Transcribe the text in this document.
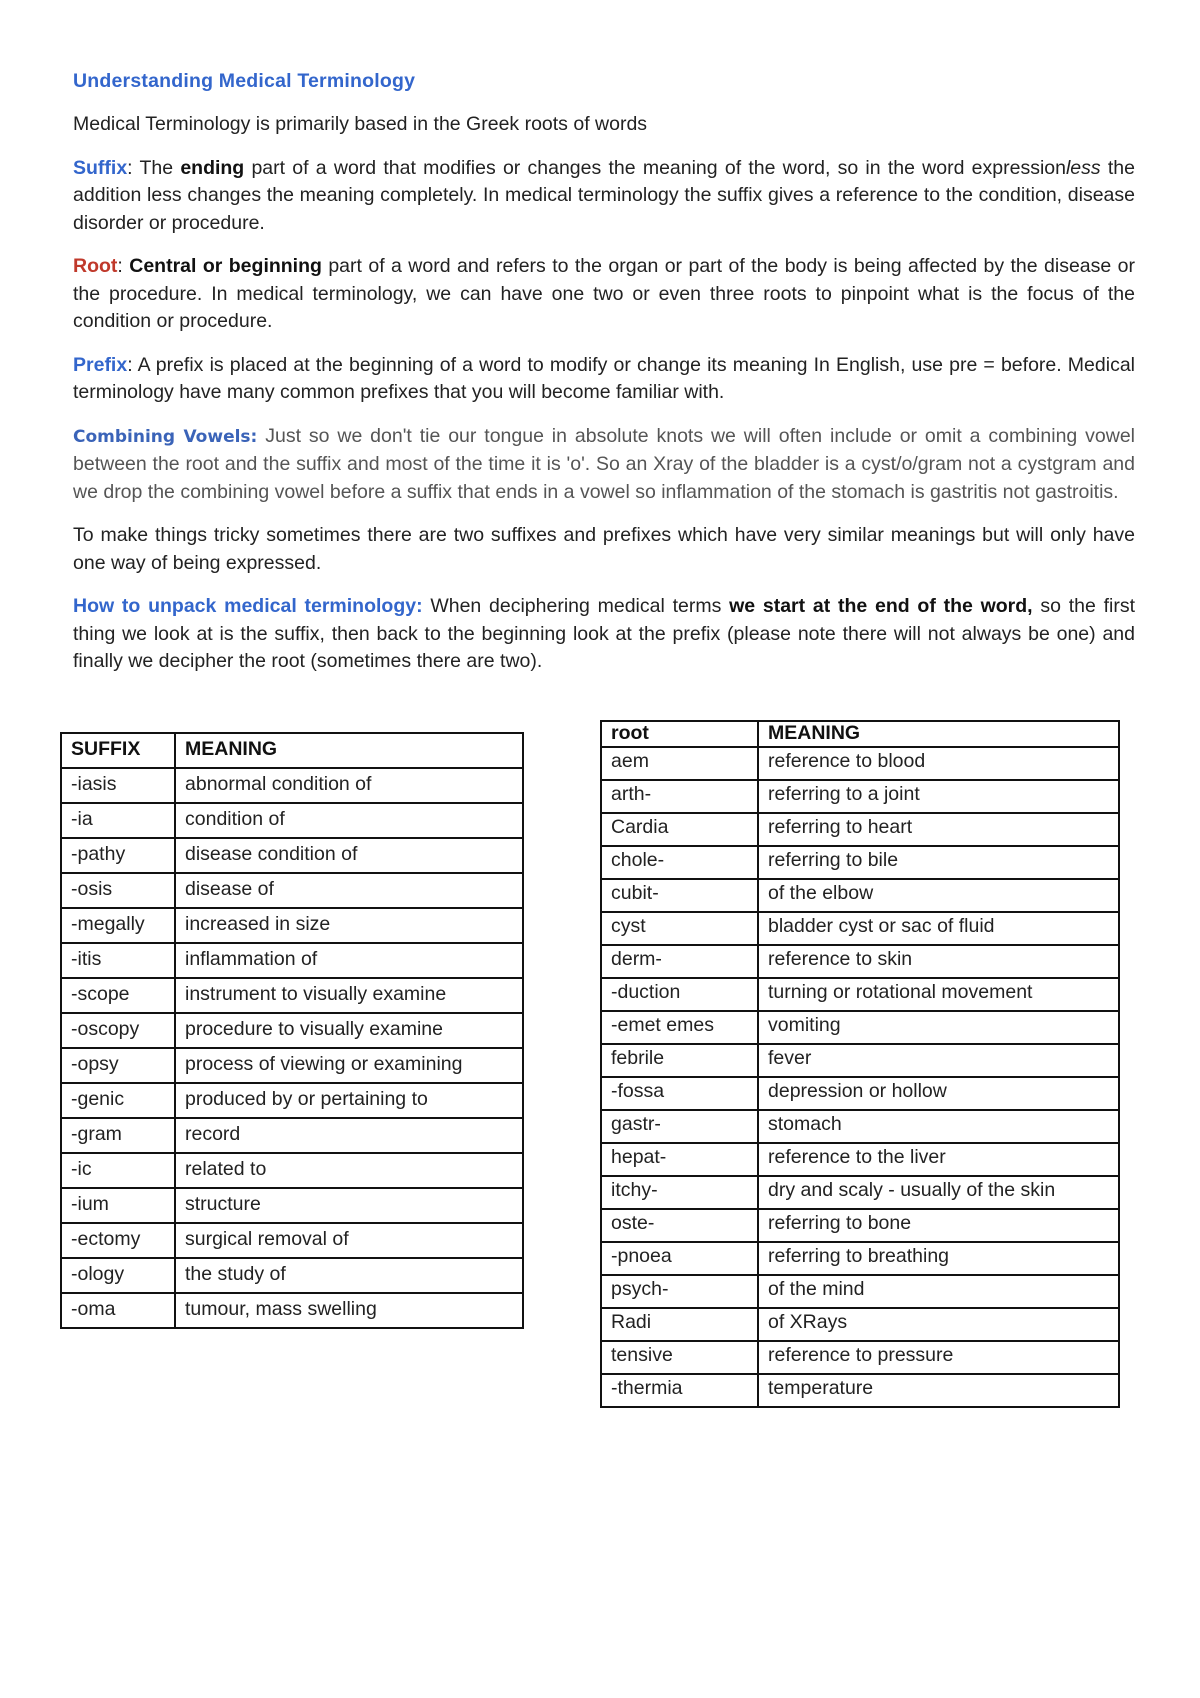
Understanding Medical Terminology

Medical Terminology is primarily based in the Greek roots of words

Suffix: The ending part of a word that modifies or changes the meaning of the word, so in the word expressionless the addition less changes the meaning completely. In medical terminology the suffix gives a reference to the condition, disease disorder or procedure.

Root: Central or beginning part of a word and refers to the organ or part of the body is being affected by the disease or the procedure. In medical terminology, we can have one two or even three roots to pinpoint what is the focus of the condition or procedure.

Prefix: A prefix is placed at the beginning of a word to modify or change its meaning In English, use pre = before. Medical terminology have many common prefixes that you will become familiar with.

Combining Vowels: Just so we don't tie our tongue in absolute knots we will often include or omit a combining vowel between the root and the suffix and most of the time it is 'o'. So an Xray of the bladder is a cyst/o/gram not a cystgram and we drop the combining vowel before a suffix that ends in a vowel so inflammation of the stomach is gastritis not gastroitis.

To make things tricky sometimes there are two suffixes and prefixes which have very similar meanings but will only have one way of being expressed.

How to unpack medical terminology: When deciphering medical terms we start at the end of the word, so the first thing we look at is the suffix, then back to the beginning look at the prefix (please note there will not always be one) and finally we decipher the root (sometimes there are two).

SUFFIX	MEANING
-iasis	abnormal condition of
-ia	condition of
-pathy	disease condition of
-osis	disease of
-megally	increased in size
-itis	inflammation of
-scope	instrument to visually examine
-oscopy	procedure to visually examine
-opsy	process of viewing or examining
-genic	produced by or pertaining to
-gram	record
-ic	related to
-ium	structure
-ectomy	surgical removal of
-ology	the study of
-oma	tumour, mass swelling
root	MEANING
aem	reference to blood
arth-	referring to a joint
Cardia	referring to heart
chole-	referring to bile
cubit-	of the elbow
cyst	bladder cyst or sac of fluid
derm-	reference to skin
-duction	turning or rotational movement
-emet emes	vomiting
febrile	fever
-fossa	depression or hollow
gastr-	stomach
hepat-	reference to the liver
itchy-	dry and scaly - usually of the skin
oste-	referring to bone
-pnoea	referring to breathing
psych-	of the mind
Radi	of XRays
tensive	reference to pressure
-thermia	temperature
